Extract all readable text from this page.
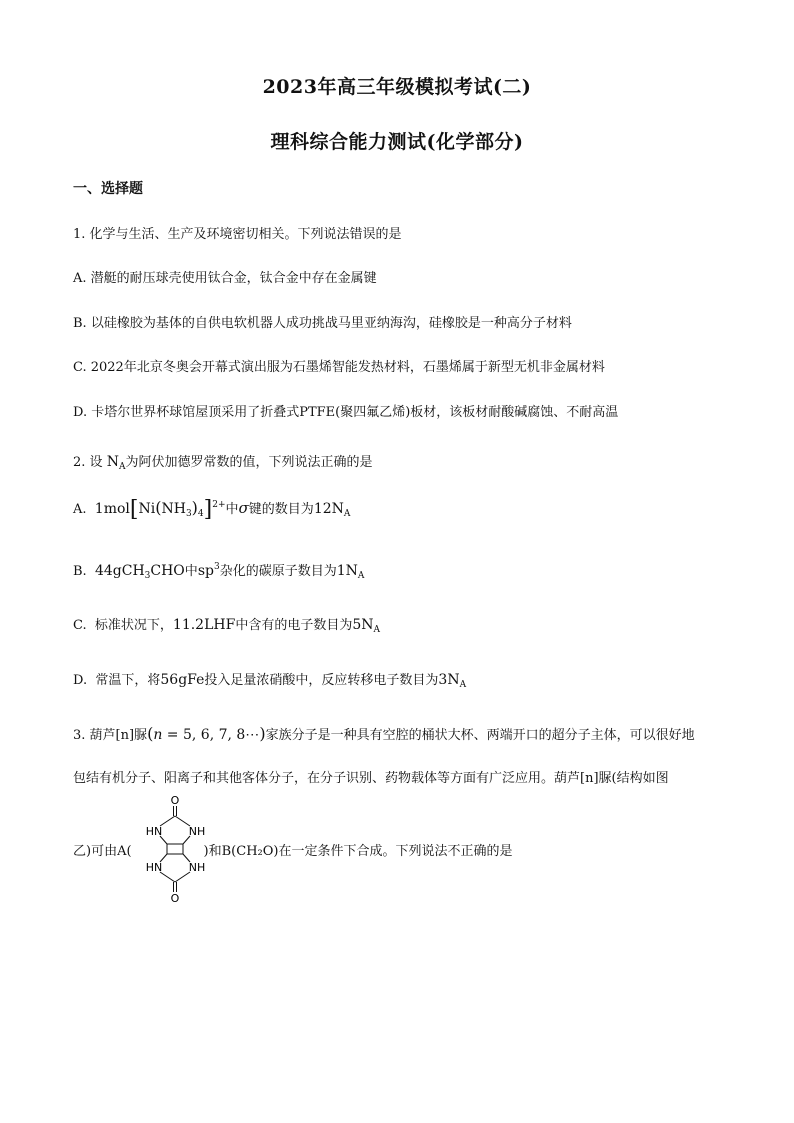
2023年高三年级模拟考试(二)
理科综合能力测试(化学部分)
一、选择题
1. 化学与生活、生产及环境密切相关。下列说法错误的是
A. 潜艇的耐压球壳使用钛合金，钛合金中存在金属键
B. 以硅橡胶为基体的自供电软机器人成功挑战马里亚纳海沟，硅橡胶是一种高分子材料
C. 2022年北京冬奥会开幕式演出服为石墨烯智能发热材料，石墨烯属于新型无机非金属材料
D. 卡塔尔世界杯球馆屋顶采用了折叠式PTFE(聚四氟乙烯)板材，该板材耐酸碱腐蚀、不耐高温
2. 设 $N_A$为阿伏加德罗常数的值，下列说法正确的是
A. $1mol[Ni(NH_3)_4]^{2+}$中σ键的数目为$12N_A$
B. 44gCH$_3$CHO中$sp^3$杂化的碳原子数目为$1N_A$
C. 标准状况下，11.2LHF中含有的电子数目为$5N_A$
D. 常温下，将56gFe投入足量浓硝酸中，反应转移电子数目为$3N_A$
3. 葫芦[n]脲(n = 5, 6, 7, 8⋯)家族分子是一种具有空腔的桶状大杯、两端开口的超分子主体，可以很好地
包结有机分子、阳离子和其他客体分子，在分子识别、药物载体等方面有广泛应用。葫芦[n]脲(结构如图
乙)可由A(	)和B(CH₂O)在一定条件下合成。下列说法不正确的是
O
HN NH
HN NH
O
